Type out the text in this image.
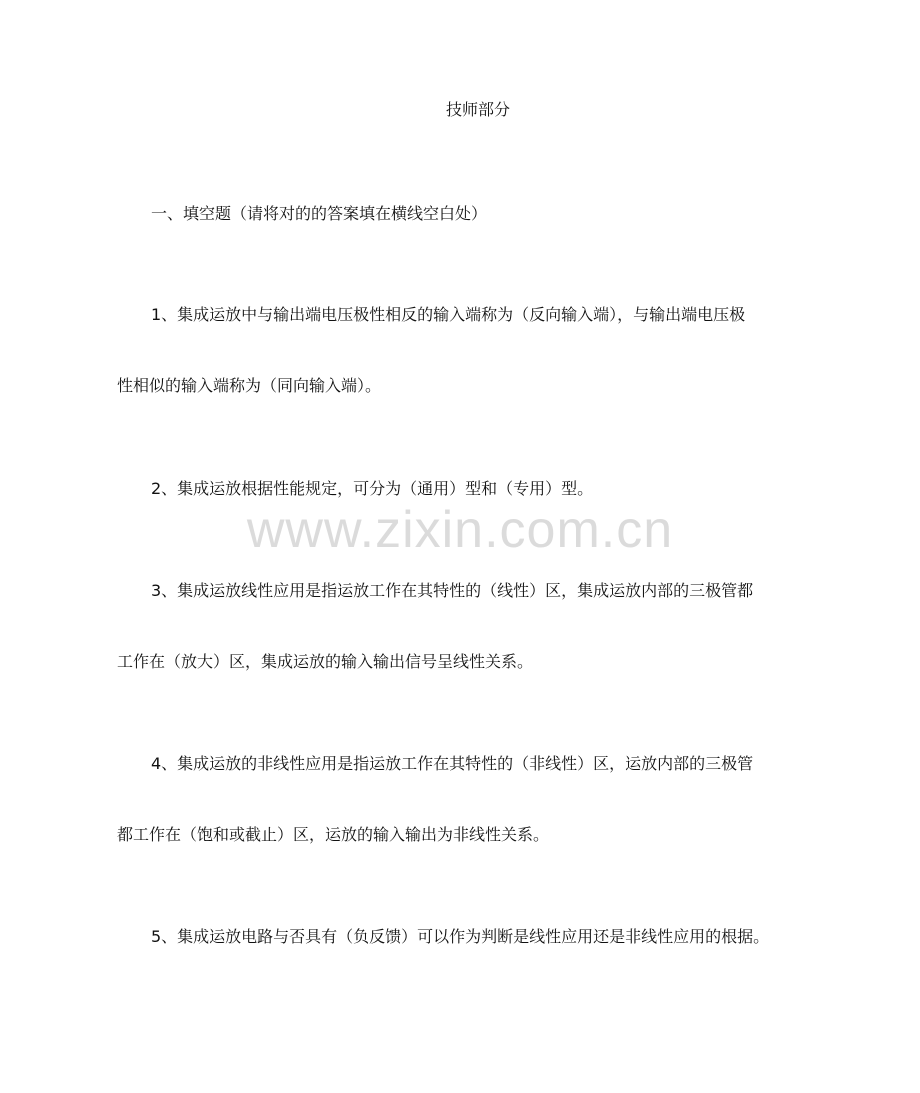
技师部分
一、填空题（请将对的的答案填在横线空白处）
1、集成运放中与输出端电压极性相反的输入端称为（反向输入端），与输出端电压极
性相似的输入端称为（同向输入端）。
2、集成运放根据性能规定，可分为（通用）型和（专用）型。
3、集成运放线性应用是指运放工作在其特性的（线性）区，集成运放内部的三极管都
工作在（放大）区，集成运放的输入输出信号呈线性关系。
4、集成运放的非线性应用是指运放工作在其特性的（非线性）区，运放内部的三极管
都工作在（饱和或截止）区，运放的输入输出为非线性关系。
5、集成运放电路与否具有（负反馈）可以作为判断是线性应用还是非线性应用的根据。
www.zixin.com.cn
